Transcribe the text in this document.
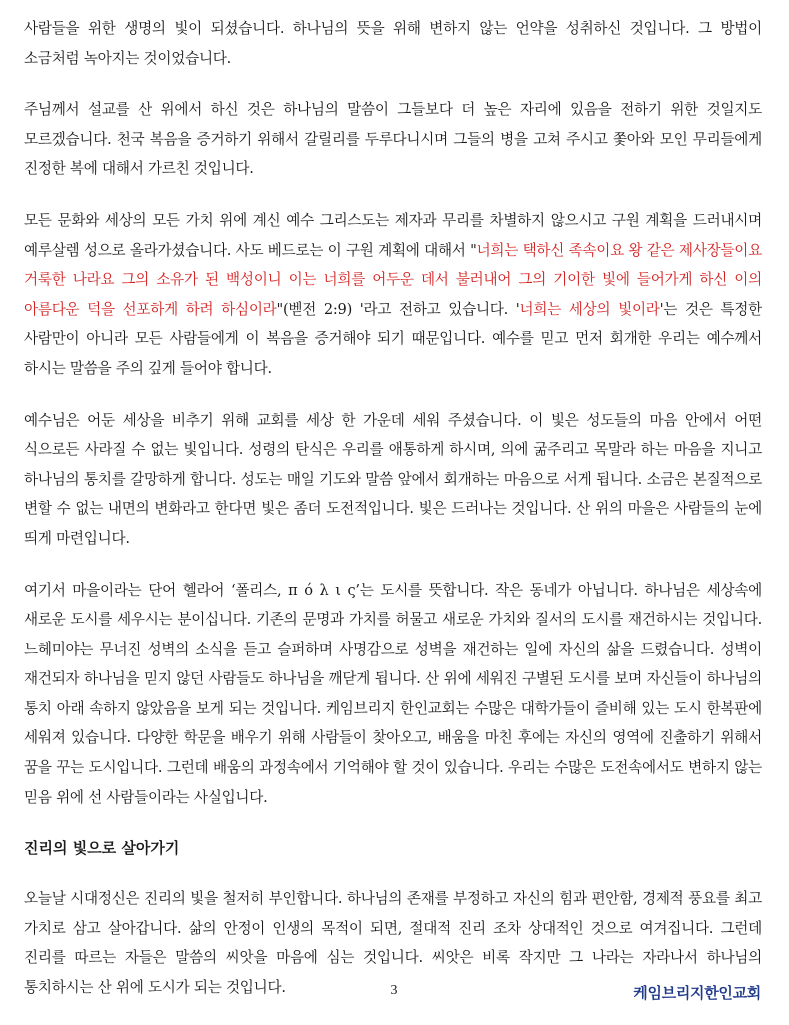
사람들을 위한 생명의 빛이 되셨습니다. 하나님의 뜻을 위해 변하지 않는 언약을 성취하신 것입니다. 그 방법이 소금처럼 녹아지는 것이었습니다.

주님께서 설교를 산 위에서 하신 것은 하나님의 말씀이 그들보다 더 높은 자리에 있음을 전하기 위한 것일지도 모르겠습니다. 천국 복음을 증거하기 위해서 갈릴리를 두루다니시며 그들의 병을 고쳐 주시고 쫓아와 모인 무리들에게 진정한 복에 대해서 가르친 것입니다.

모든 문화와 세상의 모든 가치 위에 계신 예수 그리스도는 제자과 무리를 차별하지 않으시고 구원 계획을 드러내시며 예루살렘 성으로 올라가셨습니다. 사도 베드로는 이 구원 계획에 대해서 "너희는 택하신 족속이요 왕 같은 제사장들이요 거룩한 나라요 그의 소유가 된 백성이니 이는 너희를 어두운 데서 불러내어 그의 기이한 빛에 들어가게 하신 이의 아름다운 덕을 선포하게 하려 하심이라"(벧전 2:9) '라고 전하고 있습니다. '너희는 세상의 빛이라'는 것은 특정한 사람만이 아니라 모든 사람들에게 이 복음을 증거해야 되기 때문입니다. 예수를 믿고 먼저 회개한 우리는 예수께서 하시는 말씀을 주의 깊게 들어야 합니다.

예수님은 어둔 세상을 비추기 위해 교회를 세상 한 가운데 세워 주셨습니다. 이 빛은 성도들의 마음 안에서 어떤 식으로든 사라질 수 없는 빛입니다. 성령의 탄식은 우리를 애통하게 하시며, 의에 굶주리고 목말라 하는 마음을 지니고 하나님의 통치를 갈망하게 합니다. 성도는 매일 기도와 말씀 앞에서 회개하는 마음으로 서게 됩니다. 소금은 본질적으로 변할 수 없는 내면의 변화라고 한다면 빛은 좀더 도전적입니다. 빛은 드러나는 것입니다. 산 위의 마을은 사람들의 눈에 띄게 마련입니다.

여기서 마을이라는 단어 헬라어 ‘폴리스, π ό λ ι ς’는 도시를 뜻합니다. 작은 동네가 아닙니다. 하나님은 세상속에 새로운 도시를 세우시는 분이십니다. 기존의 문명과 가치를 허물고 새로운 가치와 질서의 도시를 재건하시는 것입니다. 느헤미야는 무너진 성벽의 소식을 듣고 슬퍼하며 사명감으로 성벽을 재건하는 일에 자신의 삶을 드렸습니다. 성벽이 재건되자 하나님을 믿지 않던 사람들도 하나님을 깨닫게 됩니다. 산 위에 세워진 구별된 도시를 보며 자신들이 하나님의 통치 아래 속하지 않았음을 보게 되는 것입니다. 케임브리지 한인교회는 수많은 대학가들이 즐비해 있는 도시 한복판에 세워져 있습니다. 다양한 학문을 배우기 위해 사람들이 찾아오고, 배움을 마친 후에는 자신의 영역에 진출하기 위해서 꿈을 꾸는 도시입니다. 그런데 배움의 과정속에서 기억해야 할 것이 있습니다. 우리는 수많은 도전속에서도 변하지 않는 믿음 위에 선 사람들이라는 사실입니다.

진리의 빛으로 살아가기

오늘날 시대정신은 진리의 빛을 철저히 부인합니다. 하나님의 존재를 부정하고 자신의 힘과 편안함, 경제적 풍요를 최고 가치로 삼고 살아갑니다. 삶의 안정이 인생의 목적이 되면, 절대적 진리 조차 상대적인 것으로 여겨집니다. 그런데 진리를 따르는 자들은 말씀의 씨앗을 마음에 심는 것입니다. 씨앗은 비록 작지만 그 나라는 자라나서 하나님의 통치하시는 산 위에 도시가 되는 것입니다.	3	케임브리지한인교회
